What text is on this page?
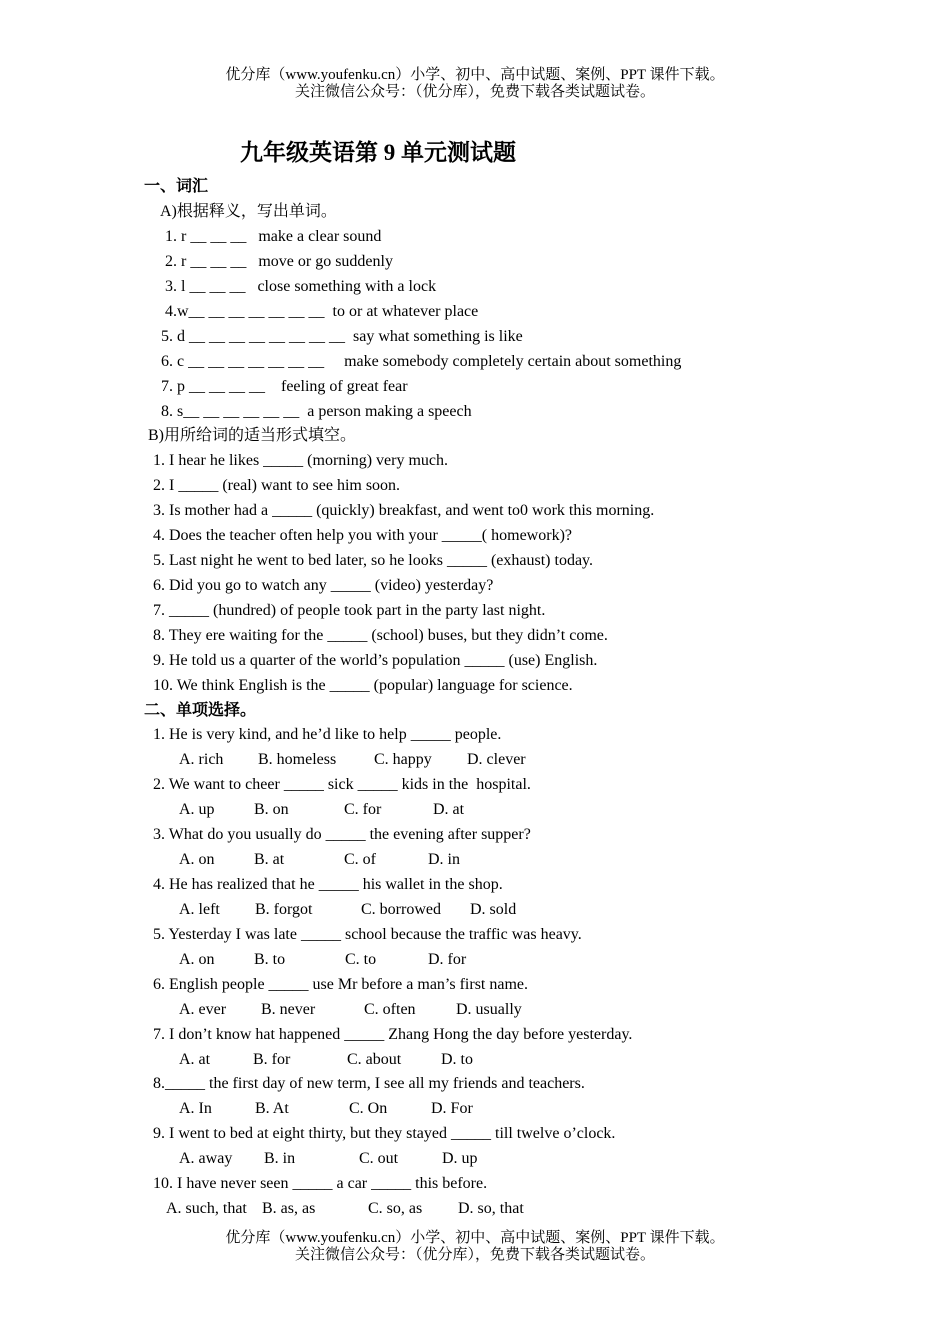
优分库（www.youfenku.cn）小学、初中、高中试题、案例、PPT 课件下载。
关注微信公众号：（优分库），免费下载各类试题试卷。
九年级英语第 9 单元测试题
一、词汇
A)根据释义，写出单词。
1. r __ __ __   make a clear sound
2. r __ __ __   move or go suddenly
3. l __ __ __   close something with a lock
4.w__ __ __ __ __ __ __  to or at whatever place
5. d __ __ __ __ __ __ __ __  say what something is like
6. c __ __ __ __ __ __ __     make somebody completely certain about something
7. p __ __ __ __    feeling of great fear
8. s__ __ __ __ __ __  a person making a speech
B)用所给词的适当形式填空。
1. I hear he likes _____ (morning) very much.
2. I _____ (real) want to see him soon.
3. Is mother had a _____ (quickly) breakfast, and went to0 work this morning.
4. Does the teacher often help you with your _____( homework)?
5. Last night he went to bed later, so he looks _____ (exhaust) today.
6. Did you go to watch any _____ (video) yesterday?
7. _____ (hundred) of people took part in the party last night.
8. They ere waiting for the _____ (school) buses, but they didn’t come.
9. He told us a quarter of the world’s population _____ (use) English.
10. We think English is the _____ (popular) language for science.
二、单项选择。
1. He is very kind, and he’d like to help _____ people.
A. rich B. homeless C. happy D. clever
2. We want to cheer _____ sick _____ kids in the  hospital.
A. up B. on	C. for	D. at
3. What do you usually do _____ the evening after supper?
A. on B. at	C. of	D. in
4. He has realized that he _____ his wallet in the shop.
A. left B. forgot	C. borrowed D. sold
5. Yesterday I was late _____ school because the traffic was heavy.
A. on B. to	C. to	D. for
6. English people _____ use Mr before a man’s first name.
A. ever B. never	C. often	D. usually
7. I don’t know hat happened _____ Zhang Hong the day before yesterday.
A. at	B. for	C. about D. to
8._____ the first day of new term, I see all my friends and teachers.
A. In	B. At	C. On	D. For
9. I went to bed at eight thirty, but they stayed _____ till twelve o’clock.
A. away B. in	C. out	D. up
10. I have never seen _____ a car _____ this before.
A. such, that B. as, as	C. so, as D. so, that
优分库（www.youfenku.cn）小学、初中、高中试题、案例、PPT 课件下载。
关注微信公众号：（优分库），免费下载各类试题试卷。
